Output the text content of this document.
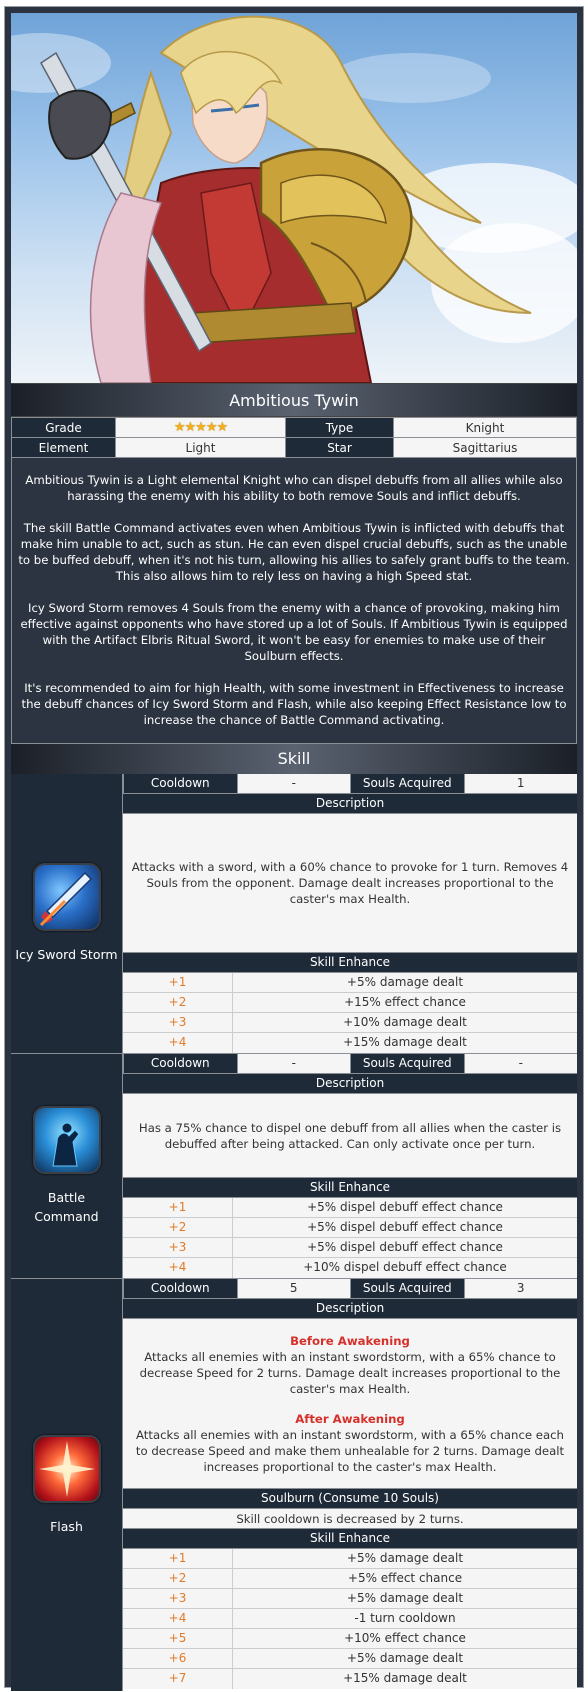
Ambitious Tywin
Grade	★★★★★	Type	Knight
Element	Light	Star	Sagittarius

Ambitious Tywin is a Light elemental Knight who can dispel debuffs from all allies while also harassing the enemy with his ability to both remove Souls and inflict debuffs.

The skill Battle Command activates even when Ambitious Tywin is inflicted with debuffs that make him unable to act, such as stun. He can even dispel crucial debuffs, such as the unable to be buffed debuff, when it's not his turn, allowing his allies to safely grant buffs to the team. This also allows him to rely less on having a high Speed stat.

Icy Sword Storm removes 4 Souls from the enemy with a chance of provoking, making him effective against opponents who have stored up a lot of Souls. If Ambitious Tywin is equipped with the Artifact Elbris Ritual Sword, it won't be easy for enemies to make use of their Soulburn effects.

It's recommended to aim for high Health, with some investment in Effectiveness to increase the debuff chances of Icy Sword Storm and Flash, while also keeping Effect Resistance low to increase the chance of Battle Command activating.

Skill
Icy Sword Storm
Cooldown	-	Souls Acquired	1
Description
Attacks with a sword, with a 60% chance to provoke for 1 turn. Removes 4 Souls from the opponent. Damage dealt increases proportional to the caster's max Health.
Skill Enhance
+1	+5% damage dealt
+2	+15% effect chance
+3	+10% damage dealt
+4	+15% damage dealt
Battle
Command
Cooldown	-	Souls Acquired	-
Description
Has a 75% chance to dispel one debuff from all allies when the caster is debuffed after being attacked. Can only activate once per turn.
Skill Enhance
+1	+5% dispel debuff effect chance
+2	+5% dispel debuff effect chance
+3	+5% dispel debuff effect chance
+4	+10% dispel debuff effect chance
Flash
Cooldown	5	Souls Acquired	3
Description
Before Awakening
Attacks all enemies with an instant swordstorm, with a 65% chance to decrease Speed for 2 turns. Damage dealt increases proportional to the caster's max Health.
After Awakening
Attacks all enemies with an instant swordstorm, with a 65% chance each to decrease Speed and make them unhealable for 2 turns. Damage dealt increases proportional to the caster's max Health.
Soulburn (Consume 10 Souls)
Skill cooldown is decreased by 2 turns.
Skill Enhance
+1	+5% damage dealt
+2	+5% effect chance
+3	+5% damage dealt
+4	-1 turn cooldown
+5	+10% effect chance
+6	+5% damage dealt
+7	+15% damage dealt
